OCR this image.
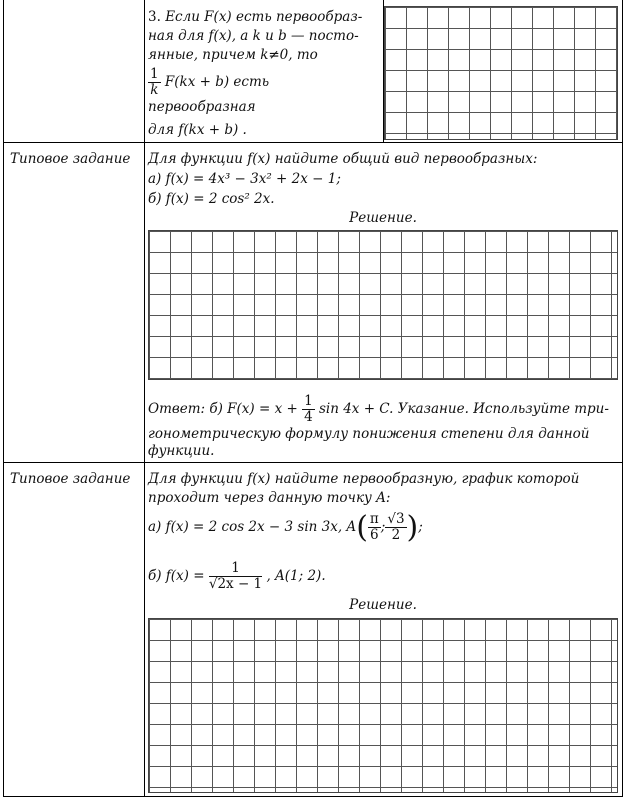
3. Если F(x) есть первообраз-
ная для f(x), а k и b — посто-
янные, причем k≠0, то
$\frac{1}{k} F(kx + b)$ есть первообразная
для f(kx + b) .
Типовое задание Для функции f(x) найдите общий вид первообразных:
а) f(x) = 4x³ − 3x² + 2x − 1;
б) f(x) = 2 cos² 2x.
Решение.
Ответ: б) $F(x) = x + \frac{1}{4}$ sin 4x + C. Указание. Используйте три-
гонометрическую формулу понижения степени для данной
функции.
Типовое задание Для функции f(x) найдите первообразную, график которой
проходит через данную точку A:
а) f(x) = 2 cos 2x − 3 sin 3x, $A( \frac{\pi}{6}$ ; $\frac{√3}{2}$ );
б) $f(x) = \frac{1}{√2x - 1}$ , A(1; 2).
Решение.
